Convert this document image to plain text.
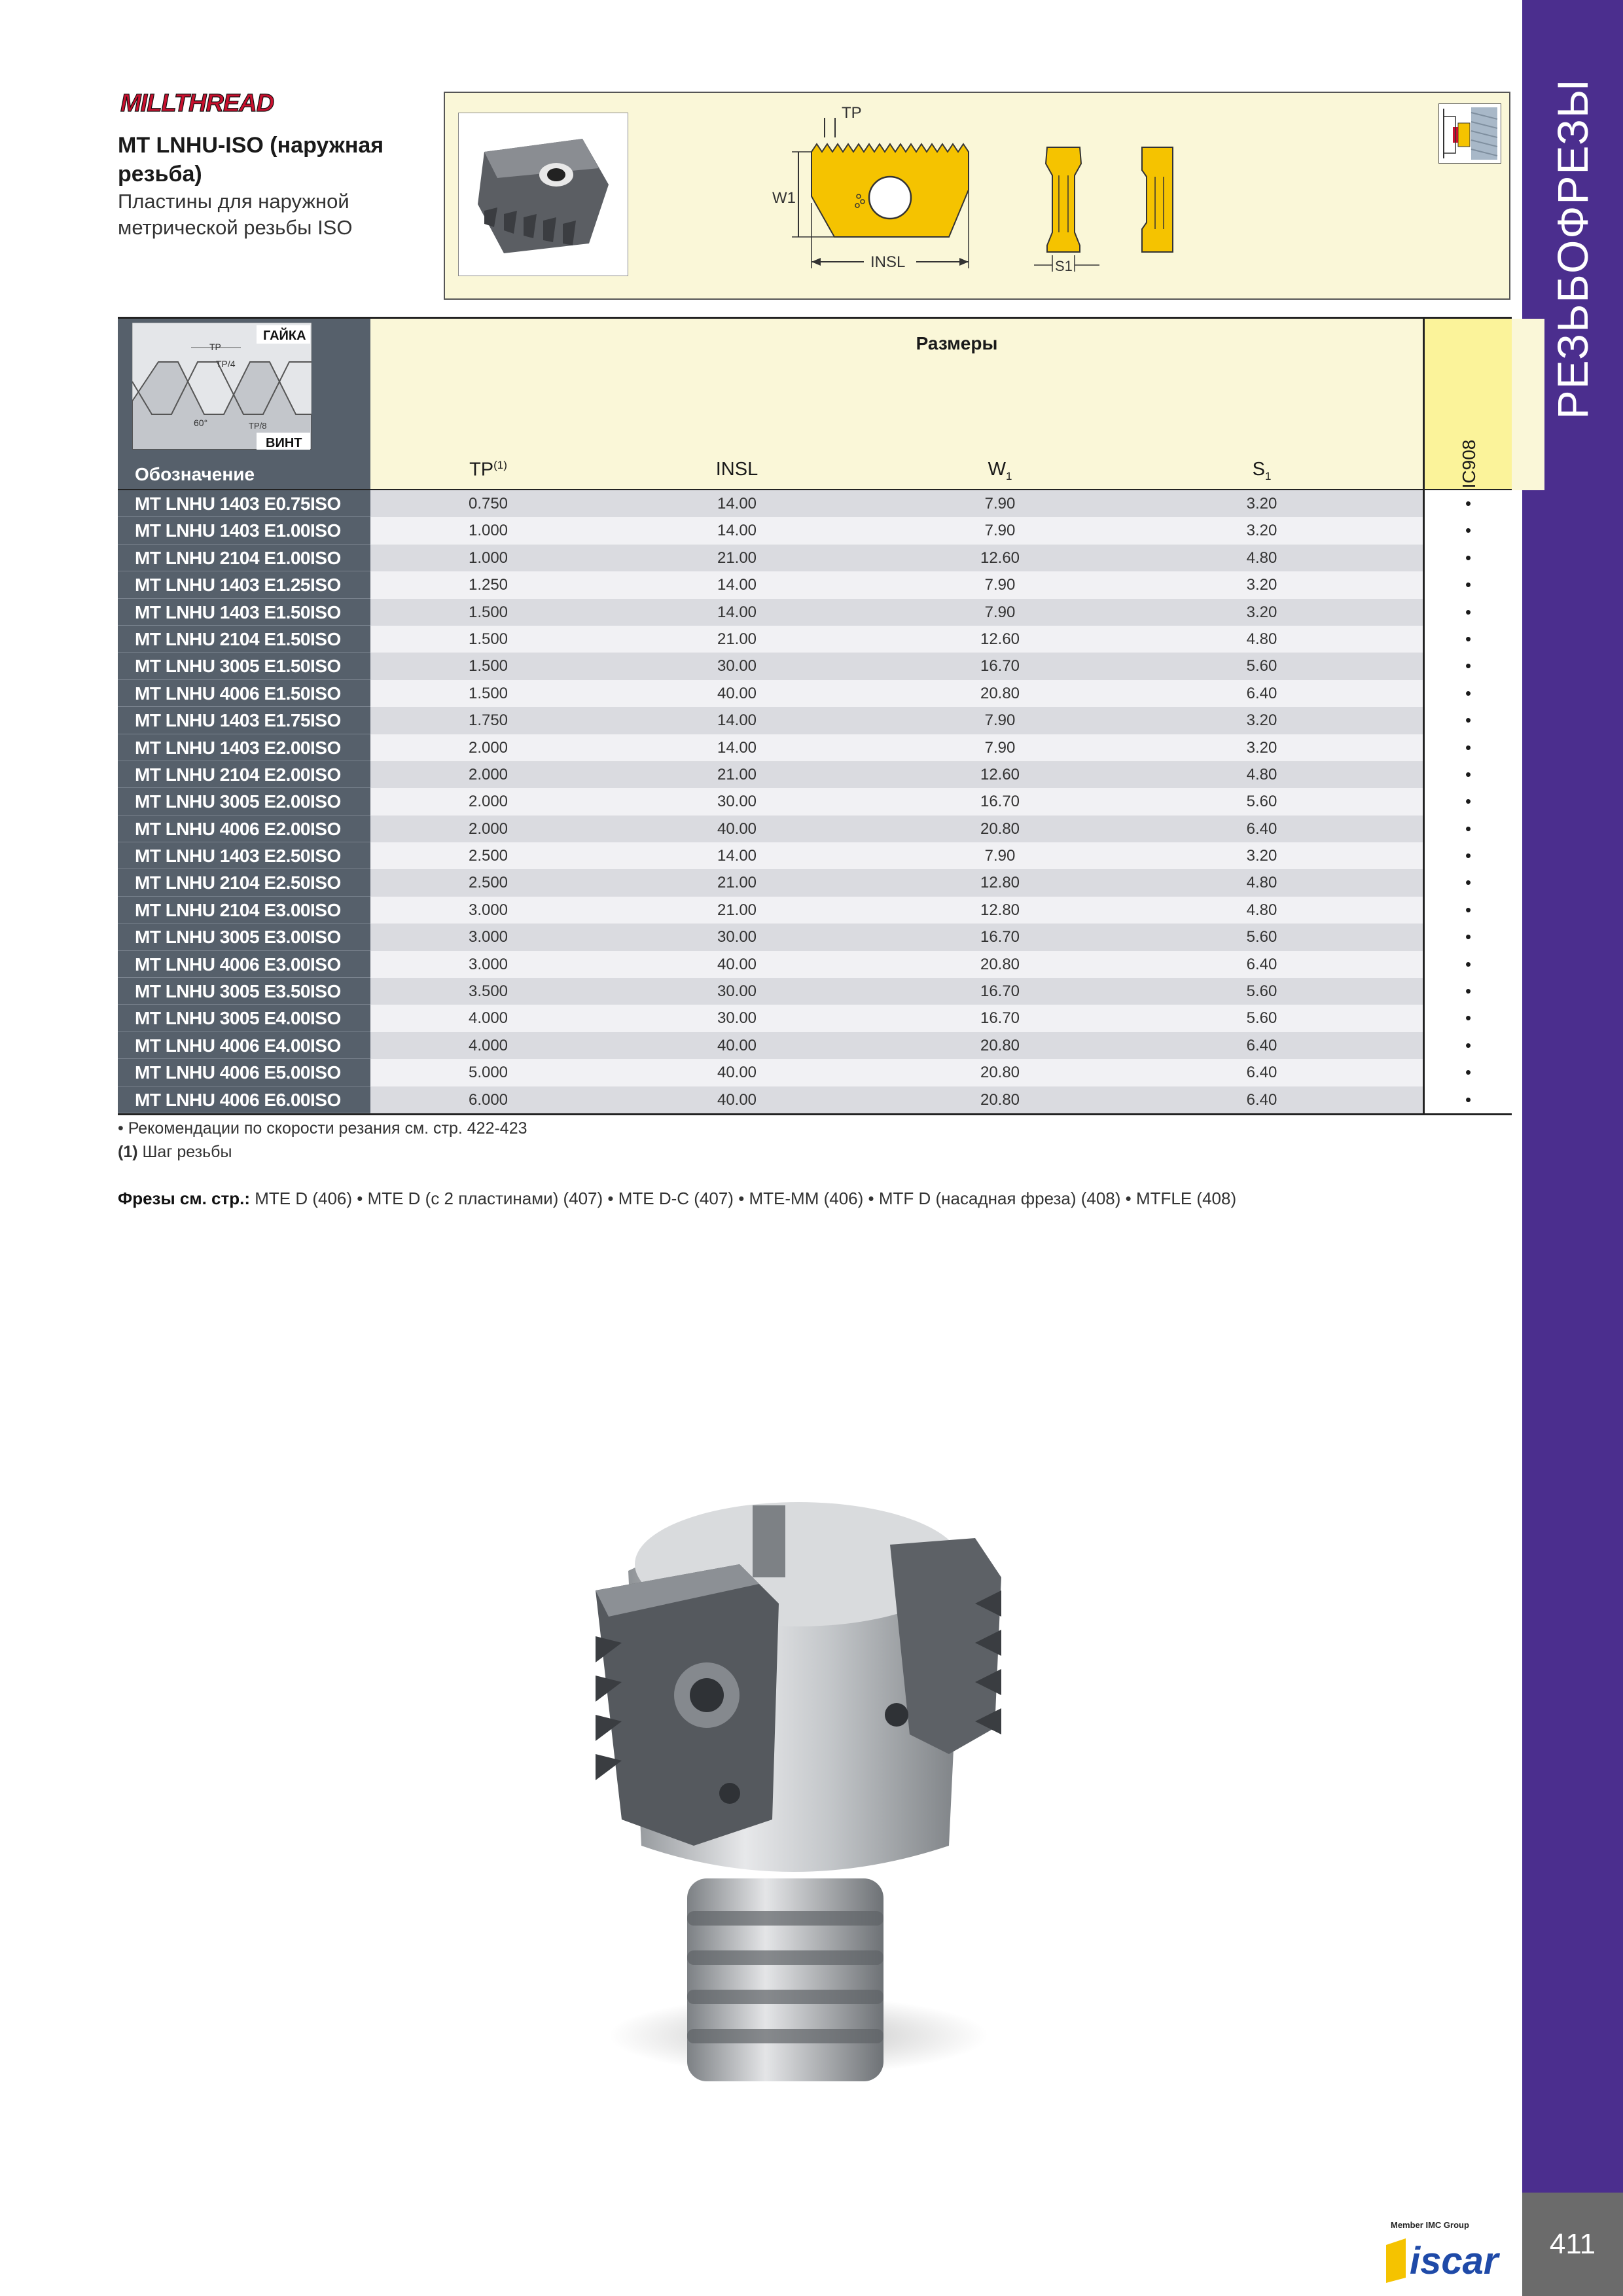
РЕЗЬБОФРЕЗЫ
411
MILLTHREAD
MT LNHU-ISO (наружная резьба)
Пластины для наружной метрической резьбы ISO
TP
W1
INSL	S1
ГАЙКА
ВИНТ
TP
TP/4
60°	TP/8
Обозначение
Размеры
TP$^{(1)}$	INSL	$W_1$	$S_1$	IC908
MT LNHU 1403 E0.75ISO	0.750	14.00	7.90	3.20	•
MT LNHU 1403 E1.00ISO	1.000	14.00	7.90	3.20	•
MT LNHU 2104 E1.00ISO	1.000	21.00	12.60	4.80	•
MT LNHU 1403 E1.25ISO	1.250	14.00	7.90	3.20	•
MT LNHU 1403 E1.50ISO	1.500	14.00	7.90	3.20	•
MT LNHU 2104 E1.50ISO	1.500	21.00	12.60	4.80	•
MT LNHU 3005 E1.50ISO	1.500	30.00	16.70	5.60	•
MT LNHU 4006 E1.50ISO	1.500	40.00	20.80	6.40	•
MT LNHU 1403 E1.75ISO	1.750	14.00	7.90	3.20	•
MT LNHU 1403 E2.00ISO	2.000	14.00	7.90	3.20	•
MT LNHU 2104 E2.00ISO	2.000	21.00	12.60	4.80	•
MT LNHU 3005 E2.00ISO	2.000	30.00	16.70	5.60	•
MT LNHU 4006 E2.00ISO	2.000	40.00	20.80	6.40	•
MT LNHU 1403 E2.50ISO	2.500	14.00	7.90	3.20	•
MT LNHU 2104 E2.50ISO	2.500	21.00	12.80	4.80	•
MT LNHU 2104 E3.00ISO	3.000	21.00	12.80	4.80	•
MT LNHU 3005 E3.00ISO	3.000	30.00	16.70	5.60	•
MT LNHU 4006 E3.00ISO	3.000	40.00	20.80	6.40	•
MT LNHU 3005 E3.50ISO	3.500	30.00	16.70	5.60	•
MT LNHU 3005 E4.00ISO	4.000	30.00	16.70	5.60	•
MT LNHU 4006 E4.00ISO	4.000	40.00	20.80	6.40	•
MT LNHU 4006 E5.00ISO	5.000	40.00	20.80	6.40	•
MT LNHU 4006 E6.00ISO	6.000	40.00	20.80	6.40	•
• Рекомендации по скорости резания см. стр. 422-423
(1) Шаг резьбы
Фрезы см. стр.: MTE D (406) • MTE D (с 2 пластинами) (407) • MTE D-C (407) • MTE-MM (406) • MTF D (насадная фреза) (408) • MTFLE (408)
Member IMC Group
iscar
